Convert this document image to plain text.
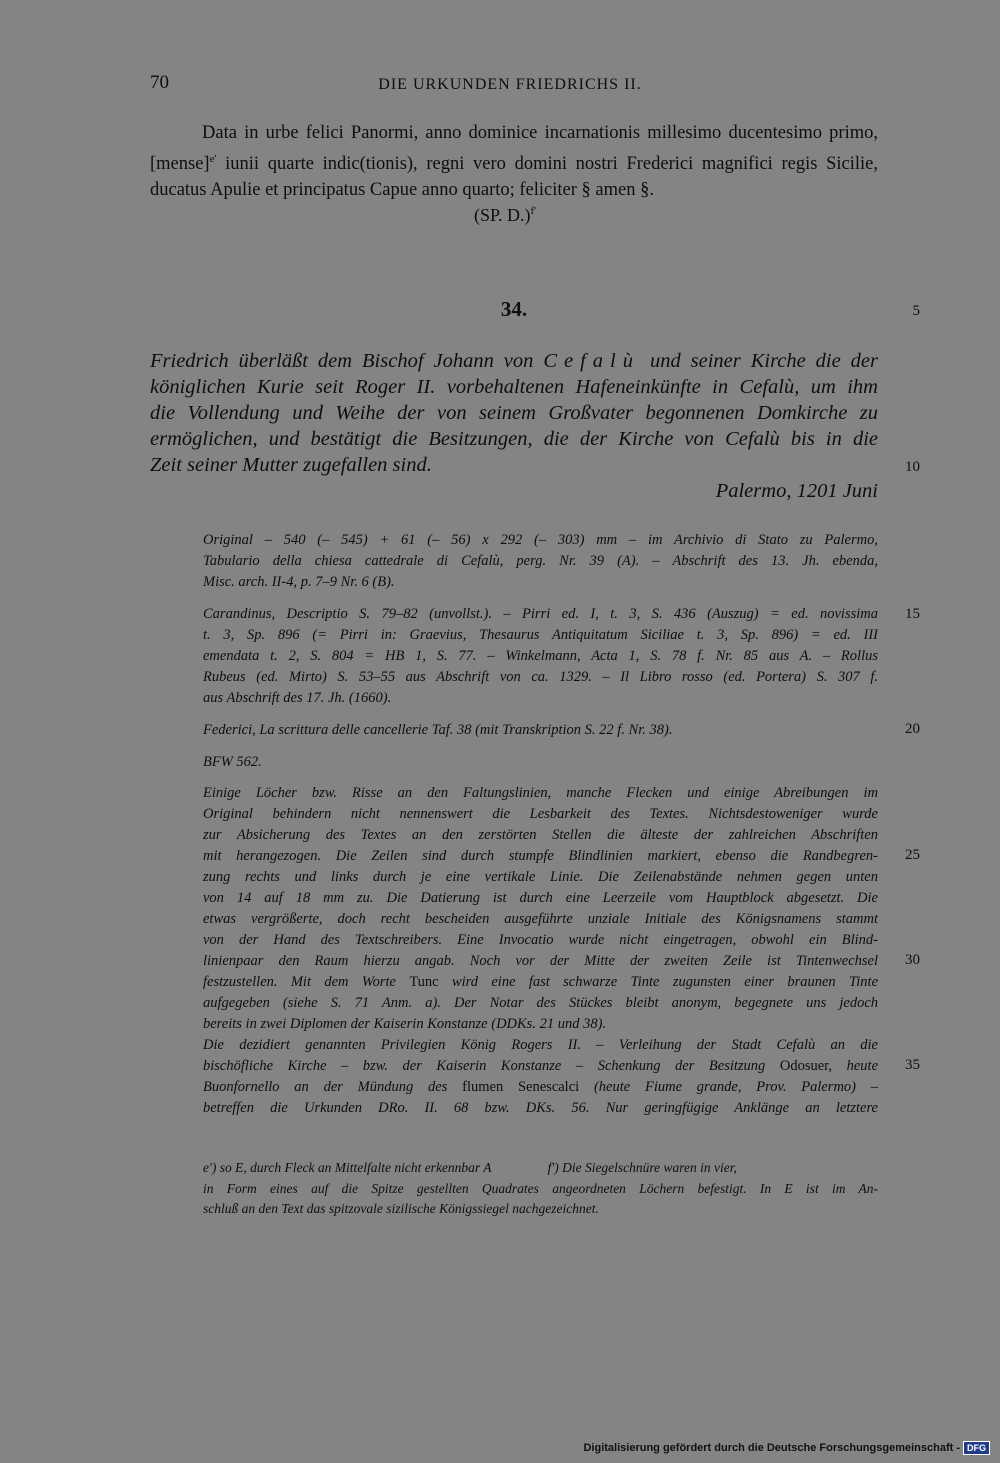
70	DIE URKUNDEN FRIEDRICHS II.
Data in urbe felici Panormi, anno dominice incarnationis millesimo ducentesimo primo,
[mense]$^{e'}$ iunii quarte indic(tionis), regni vero domini nostri Frederici magnifici regis Sicilie,
ducatus Apulie et principatus Capue anno quarto; feliciter § amen §.
(SP. D.)$^{f'}$
34.	5
Friedrich überläßt dem Bischof Johann von Cefalù und seiner Kirche die der
königlichen Kurie seit Roger II. vorbehaltenen Hafeneinkünfte in Cefalù, um ihm
die Vollendung und Weihe der von seinem Großvater begonnenen Domkirche zu
ermöglichen, und bestätigt die Besitzungen, die der Kirche von Cefalù bis in die
Zeit seiner Mutter zugefallen sind.	10
Palermo, 1201 Juni
Original – 540 (– 545) + 61 (– 56) x 292 (– 303) mm – im Archivio di Stato zu Palermo,
Tabulario della chiesa cattedrale di Cefalù, perg. Nr. 39 (A). – Abschrift des 13. Jh. ebenda,
Misc. arch. II-4, p. 7–9 Nr. 6 (B).
Carandinus, Descriptio S. 79–82 (unvollst.). – Pirri ed. I, t. 3, S. 436 (Auszug) = ed. novissima
t. 3, Sp. 896 (= Pirri in: Graevius, Thesaurus Antiquitatum Siciliae t. 3, Sp. 896) = ed. III
emendata t. 2, S. 804 = HB 1, S. 77. – Winkelmann, Acta 1, S. 78 f. Nr. 85 aus A. – Rollus
Rubeus (ed. Mirto) S. 53–55 aus Abschrift von ca. 1329. – Il Libro rosso (ed. Portera) S. 307 f.
aus Abschrift des 17. Jh. (1660).
15
Federici, La scrittura delle cancellerie Taf. 38 (mit Transkription S. 22 f. Nr. 38).	20
BFW 562.
Einige Löcher bzw. Risse an den Faltungslinien, manche Flecken und einige Abreibungen im
Original behindern nicht nennenswert die Lesbarkeit des Textes. Nichtsdestoweniger wurde
zur Absicherung des Textes an den zerstörten Stellen die älteste der zahlreichen Abschriften
mit herangezogen. Die Zeilen sind durch stumpfe Blindlinien markiert, ebenso die Randbegren-
zung rechts und links durch je eine vertikale Linie. Die Zeilenabstände nehmen gegen unten
von 14 auf 18 mm zu. Die Datierung ist durch eine Leerzeile vom Hauptblock abgesetzt. Die
etwas vergrößerte, doch recht bescheiden ausgeführte unziale Initiale des Königsnamens stammt
von der Hand des Textschreibers. Eine Invocatio wurde nicht eingetragen, obwohl ein Blind-
linienpaar den Raum hierzu angab. Noch vor der Mitte der zweiten Zeile ist Tintenwechsel
festzustellen. Mit dem Worte Tunc wird eine fast schwarze Tinte zugunsten einer braunen Tinte
aufgegeben (siehe S. 71 Anm. a). Der Notar des Stückes bleibt anonym, begegnete uns jedoch
bereits in zwei Diplomen der Kaiserin Konstanze (DDKs. 21 und 38).
Die dezidiert genannten Privilegien König Rogers II. – Verleihung der Stadt Cefalù an die
bischöfliche Kirche – bzw. der Kaiserin Konstanze – Schenkung der Besitzung Odosuer, heute
Buonfornello an der Mündung des flumen Senescalci (heute Fiume grande, Prov. Palermo) –
betreffen die Urkunden DRo. II. 68 bzw. DKs. 56. Nur geringfügige Anklänge an letztere
25
30
35
e') so E, durch Fleck an Mittelfalte nicht erkennbar A	f') Die Siegelschnüre waren in vier,
in Form eines auf die Spitze gestellten Quadrates angeordneten Löchern befestigt. In E ist im An-
schluß an den Text das spitzovale sizilische Königssiegel nachgezeichnet.
Digitalisierung gefördert durch die Deutsche Forschungsgemeinschaft - DFG
